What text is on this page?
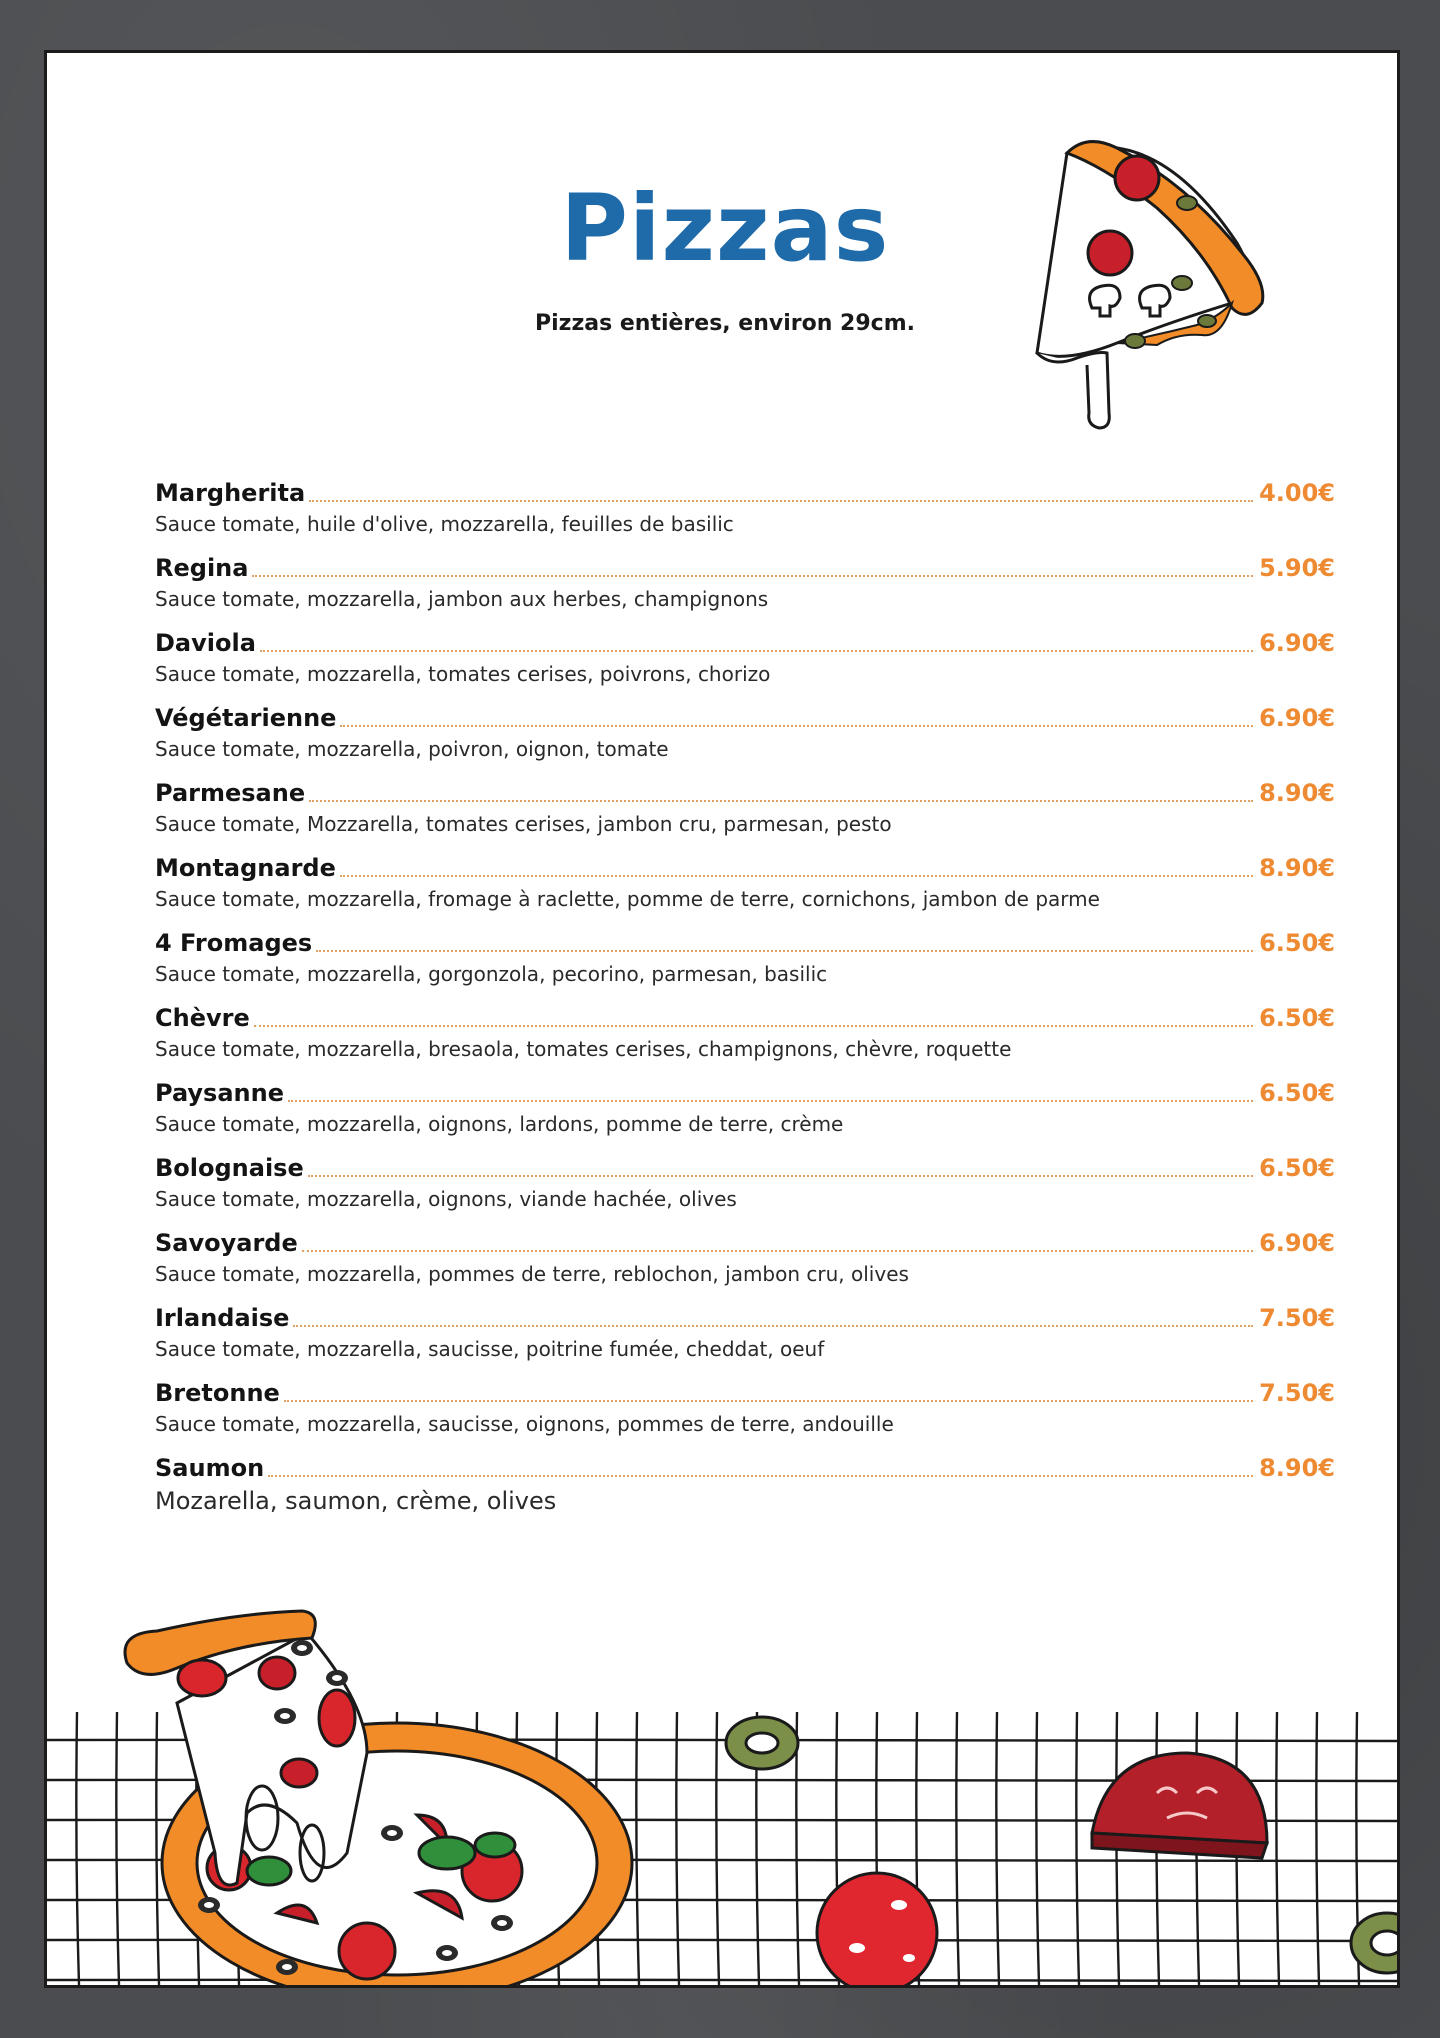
Pizzas
Pizzas entières, environ 29cm.
Margherita	4.00€
Sauce tomate, huile d'olive, mozzarella, feuilles de basilic
Regina	5.90€
Sauce tomate, mozzarella, jambon aux herbes, champignons
Daviola	6.90€
Sauce tomate, mozzarella, tomates cerises, poivrons, chorizo
Végétarienne	6.90€
Sauce tomate, mozzarella, poivron, oignon, tomate
Parmesane	8.90€
Sauce tomate, Mozzarella, tomates cerises, jambon cru, parmesan, pesto
Montagnarde	8.90€
Sauce tomate, mozzarella, fromage à raclette, pomme de terre, cornichons, jambon de parme
4 Fromages	6.50€
Sauce tomate, mozzarella, gorgonzola, pecorino, parmesan, basilic
Chèvre	6.50€
Sauce tomate, mozzarella, bresaola, tomates cerises, champignons, chèvre, roquette
Paysanne	6.50€
Sauce tomate, mozzarella, oignons, lardons, pomme de terre, crème
Bolognaise	6.50€
Sauce tomate, mozzarella, oignons, viande hachée, olives
Savoyarde	6.90€
Sauce tomate, mozzarella, pommes de terre, reblochon, jambon cru, olives
Irlandaise	7.50€
Sauce tomate, mozzarella, saucisse, poitrine fumée, cheddat, oeuf
Bretonne	7.50€
Sauce tomate, mozzarella, saucisse, oignons, pommes de terre, andouille
Saumon	8.90€
Mozarella, saumon, crème, olives
